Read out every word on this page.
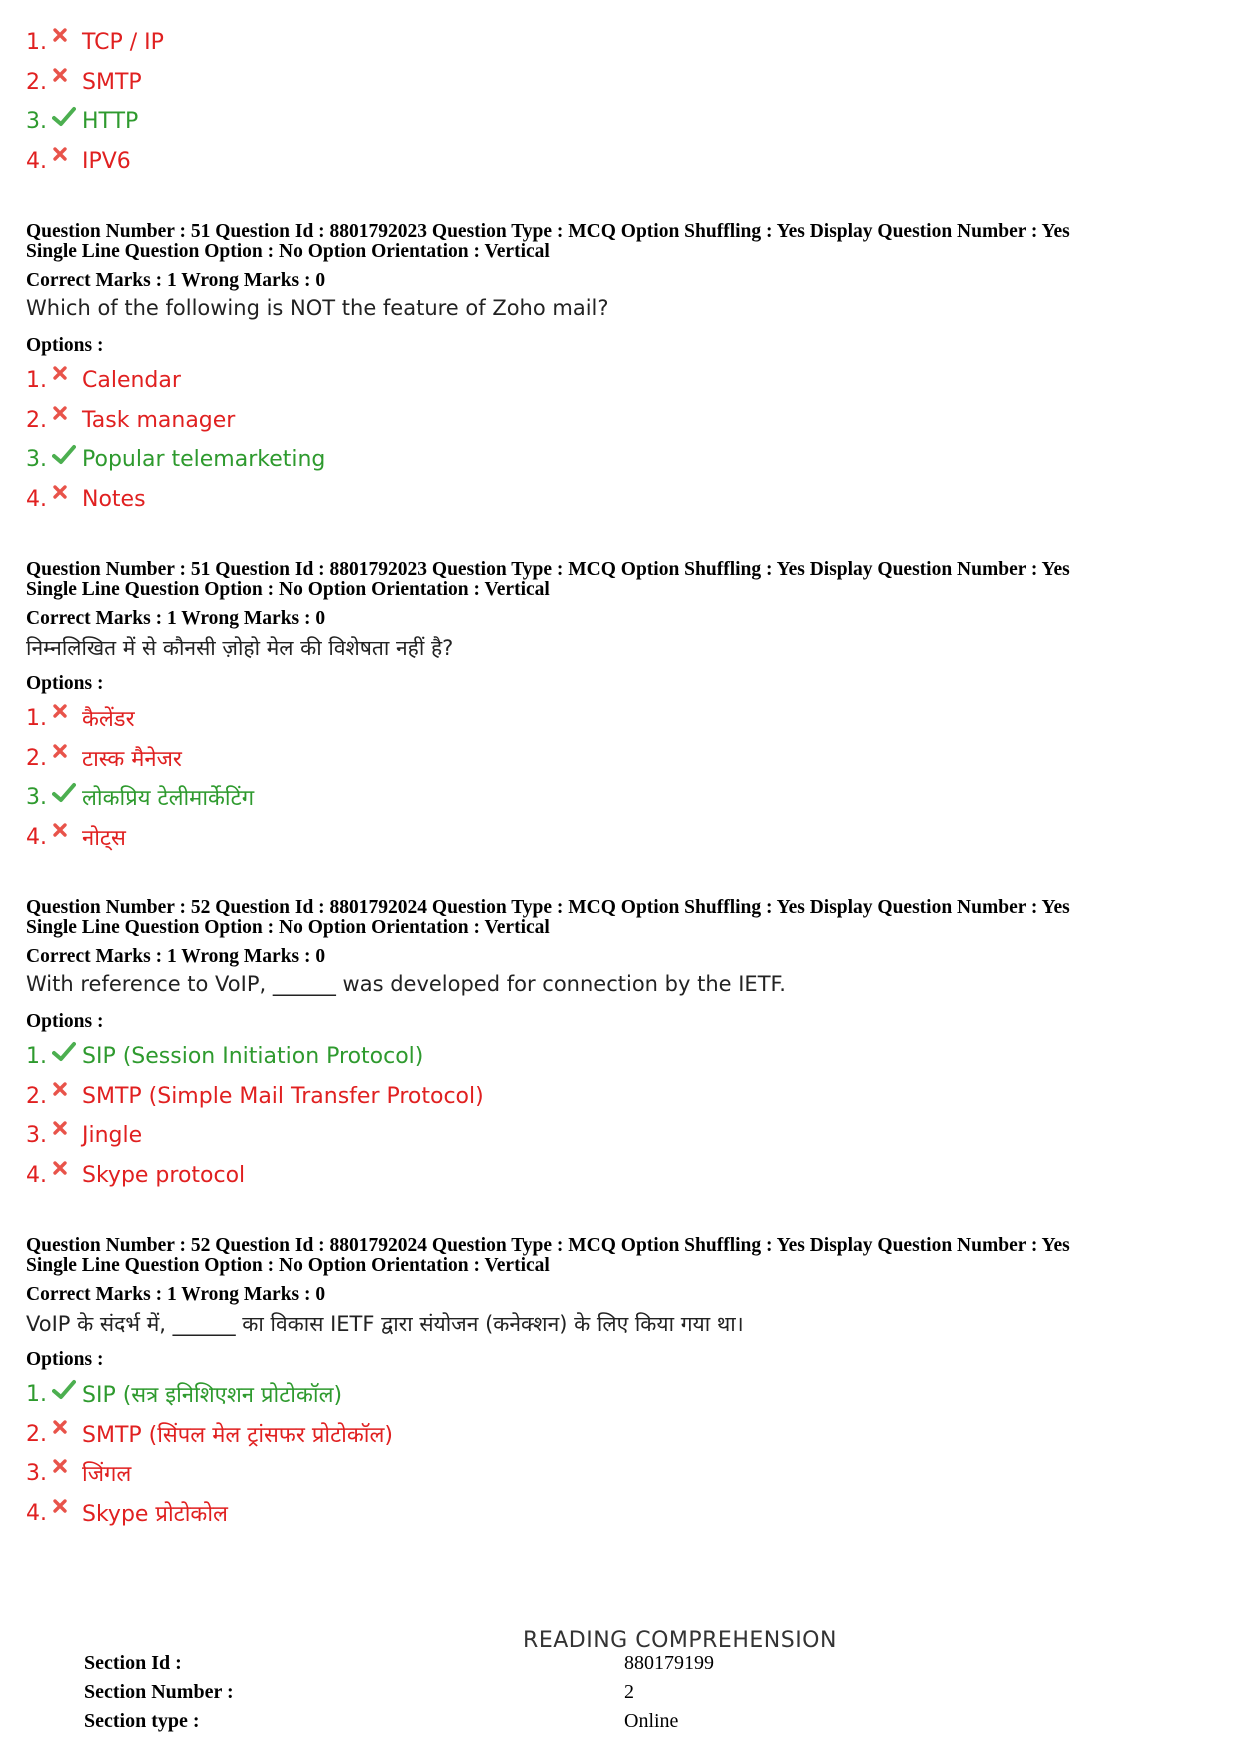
1. TCP / IP
2. SMTP
3. HTTP
4. IPV6
Question Number : 51 Question Id : 8801792023 Question Type : MCQ Option Shuffling : Yes Display Question Number : Yes
Single Line Question Option : No Option Orientation : Vertical
Correct Marks : 1 Wrong Marks : 0
Which of the following is NOT the feature of Zoho mail?
Options :
1. Calendar
2. Task manager
3. Popular telemarketing
4. Notes
Question Number : 51 Question Id : 8801792023 Question Type : MCQ Option Shuffling : Yes Display Question Number : Yes
Single Line Question Option : No Option Orientation : Vertical
Correct Marks : 1 Wrong Marks : 0
निम्नलिखित में से कौनसी ज़ोहो मेल की विशेषता नहीं है?
Options :
1. कैलेंडर
2. टास्क मैनेजर
3. लोकप्रिय टेलीमार्केटिंग
4. नोट्स
Question Number : 52 Question Id : 8801792024 Question Type : MCQ Option Shuffling : Yes Display Question Number : Yes
Single Line Question Option : No Option Orientation : Vertical
Correct Marks : 1 Wrong Marks : 0
With reference to VoIP, ______ was developed for connection by the IETF.
Options :
1. SIP (Session Initiation Protocol)
2. SMTP (Simple Mail Transfer Protocol)
3. Jingle
4. Skype protocol
Question Number : 52 Question Id : 8801792024 Question Type : MCQ Option Shuffling : Yes Display Question Number : Yes
Single Line Question Option : No Option Orientation : Vertical
Correct Marks : 1 Wrong Marks : 0
VoIP के संदर्भ में, ______ का विकास IETF द्वारा संयोजन (कनेक्शन) के लिए किया गया था।
Options :
1. SIP (सत्र इनिशिएशन प्रोटोकॉल)
2. SMTP (सिंपल मेल ट्रांसफर प्रोटोकॉल)
3. जिंगल
4. Skype प्रोटोकोल
READING COMPREHENSION
Section Id :	880179199
Section Number :	2
Section type :	Online
